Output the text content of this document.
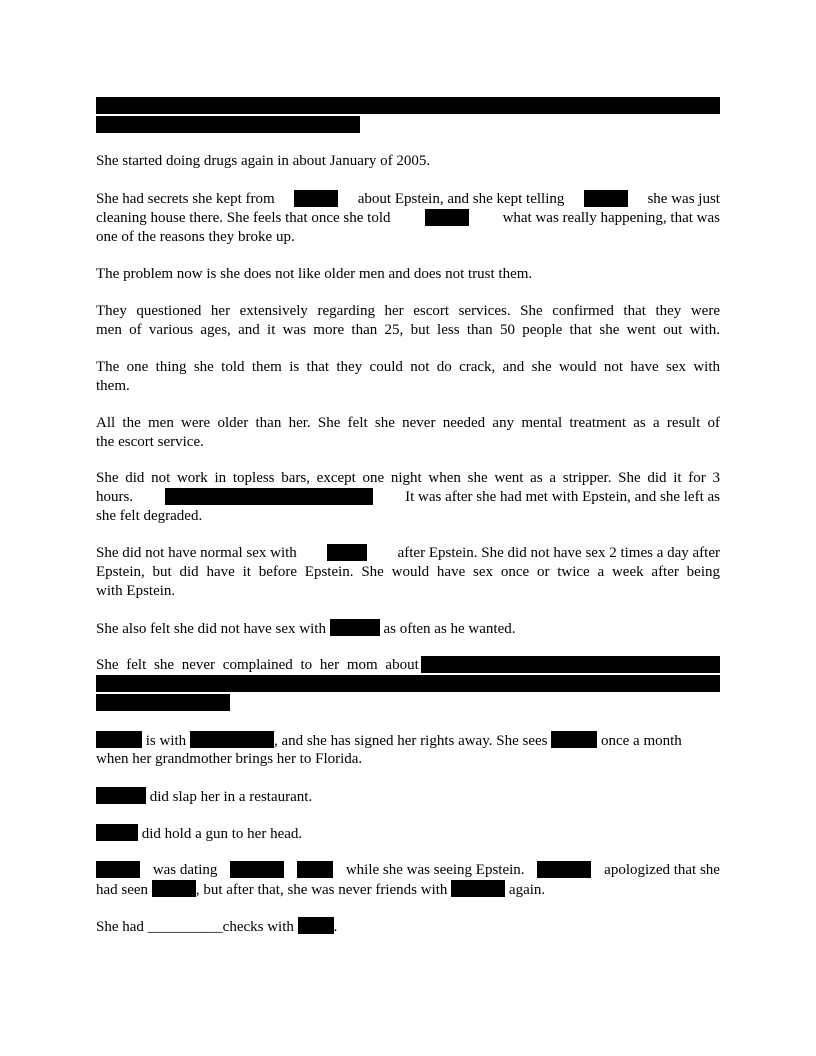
She started doing drugs again in about January of 2005.

She had secrets she kept from	about Epstein, and she kept telling	she was just
cleaning house there. She feels that once she told	what was really happening, that was
one of the reasons they broke up.

The problem now is she does not like older men and does not trust them.

They questioned her extensively regarding her escort services. She confirmed that they were
men of various ages, and it was more than 25, but less than 50 people that she went out with.

The one thing she told them is that they could not do crack, and she would not have sex with
them.

All the men were older than her. She felt she never needed any mental treatment as a result of
the escort service.

She did not work in topless bars, except one night when she went as a stripper. She did it for 3
hours.	It was after she had met with Epstein, and she left as
she felt degraded.

She did not have normal sex with	after Epstein. She did not have sex 2 times a day after
Epstein, but did have it before Epstein. She would have sex once or twice a week after being
with Epstein.

She also felt she did not have sex with	as often as he wanted.

She felt she never complained to her mom about

is with	, and she has signed her rights away. She sees	once a month
when her grandmother brings her to Florida.

did slap her in a restaurant.

did hold a gun to her head.

was dating	while she was seeing Epstein.	apologized that she
had seen	, but after that, she was never friends with	again.

She had __________checks with	.
